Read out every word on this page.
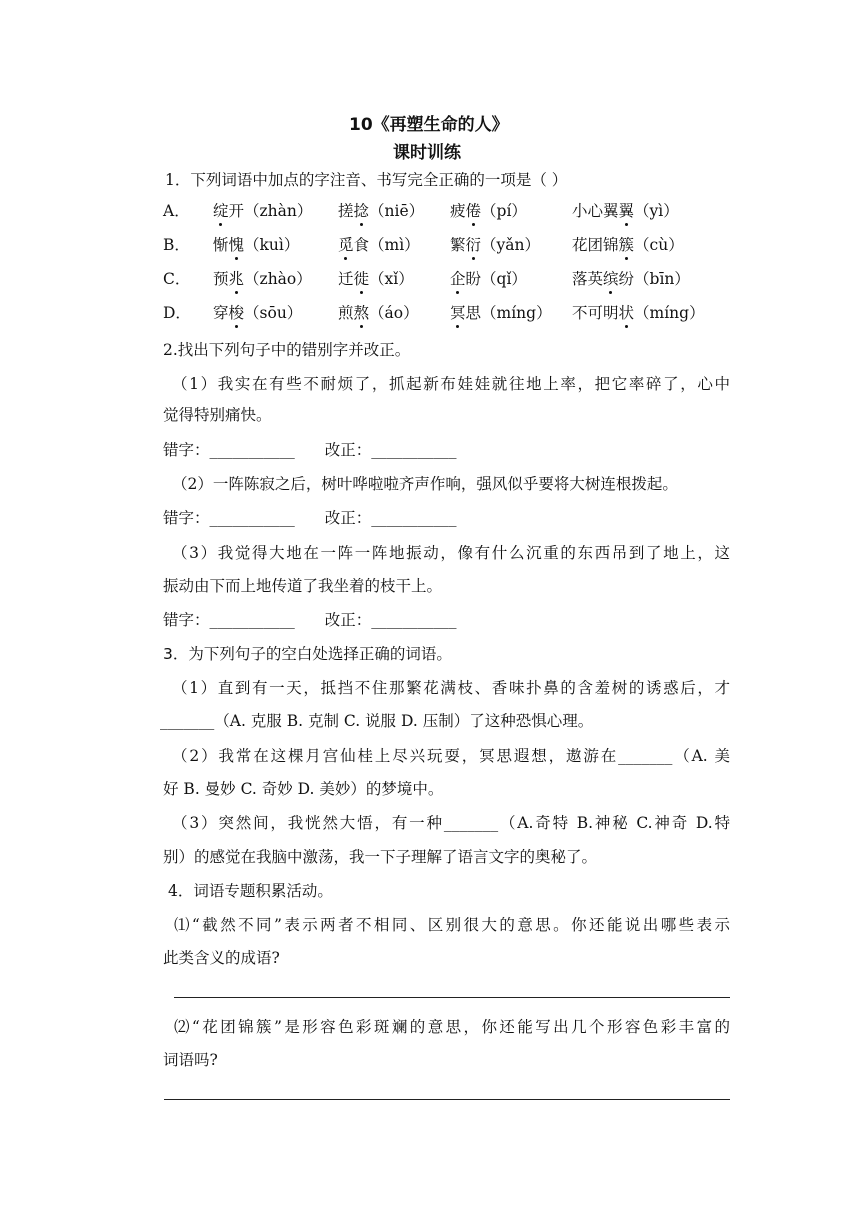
10《再塑生命的人》
课时训练
1．下列词语中加点的字注音、书写完全正确的一项是（ ）
A． 绽开（zhàn） 搓捻（niē） 疲倦（pí）	小心翼翼（yì）
B． 惭愧（kuì） 觅食（mì） 繁衍（yǎn） 花团锦簇（cù）
C． 预兆（zhào） 迁徙（xǐ） 企盼（qǐ）	落英缤纷（bīn）
D． 穿梭（sōu） 煎熬（áo） 冥思（míng） 不可明状（míng）
2.找出下列句子中的错别字并改正。
（1）我实在有些不耐烦了，抓起新布娃娃就往地上率，把它率碎了，心中
觉得特别痛快。
错字：___________ 改正：___________
（2）一阵陈寂之后，树叶哗啦啦齐声作响，强风似乎要将大树连根拨起。
错字：___________ 改正：___________
（3）我觉得大地在一阵一阵地振动，像有什么沉重的东西吊到了地上，这
振动由下而上地传道了我坐着的枝干上。
错字：___________ 改正：___________
3．为下列句子的空白处选择正确的词语。
（1）直到有一天，抵挡不住那繁花满枝、香味扑鼻的含羞树的诱惑后，才
_______（A. 克服 B. 克制 C. 说服 D. 压制）了这种恐惧心理。
（2）我常在这棵月宫仙桂上尽兴玩耍，冥思遐想，遨游在_______（A. 美
好 B. 曼妙 C. 奇妙 D. 美妙）的梦境中。
（3）突然间，我恍然大悟，有一种_______（A.奇特 B.神秘 C.神奇 D.特
别）的感觉在我脑中激荡，我一下子理解了语言文字的奥秘了。
4．词语专题积累活动。
⑴“截然不同”表示两者不相同、区别很大的意思。你还能说出哪些表示
此类含义的成语?
⑵“花团锦簇”是形容色彩斑斓的意思，你还能写出几个形容色彩丰富的
词语吗?
